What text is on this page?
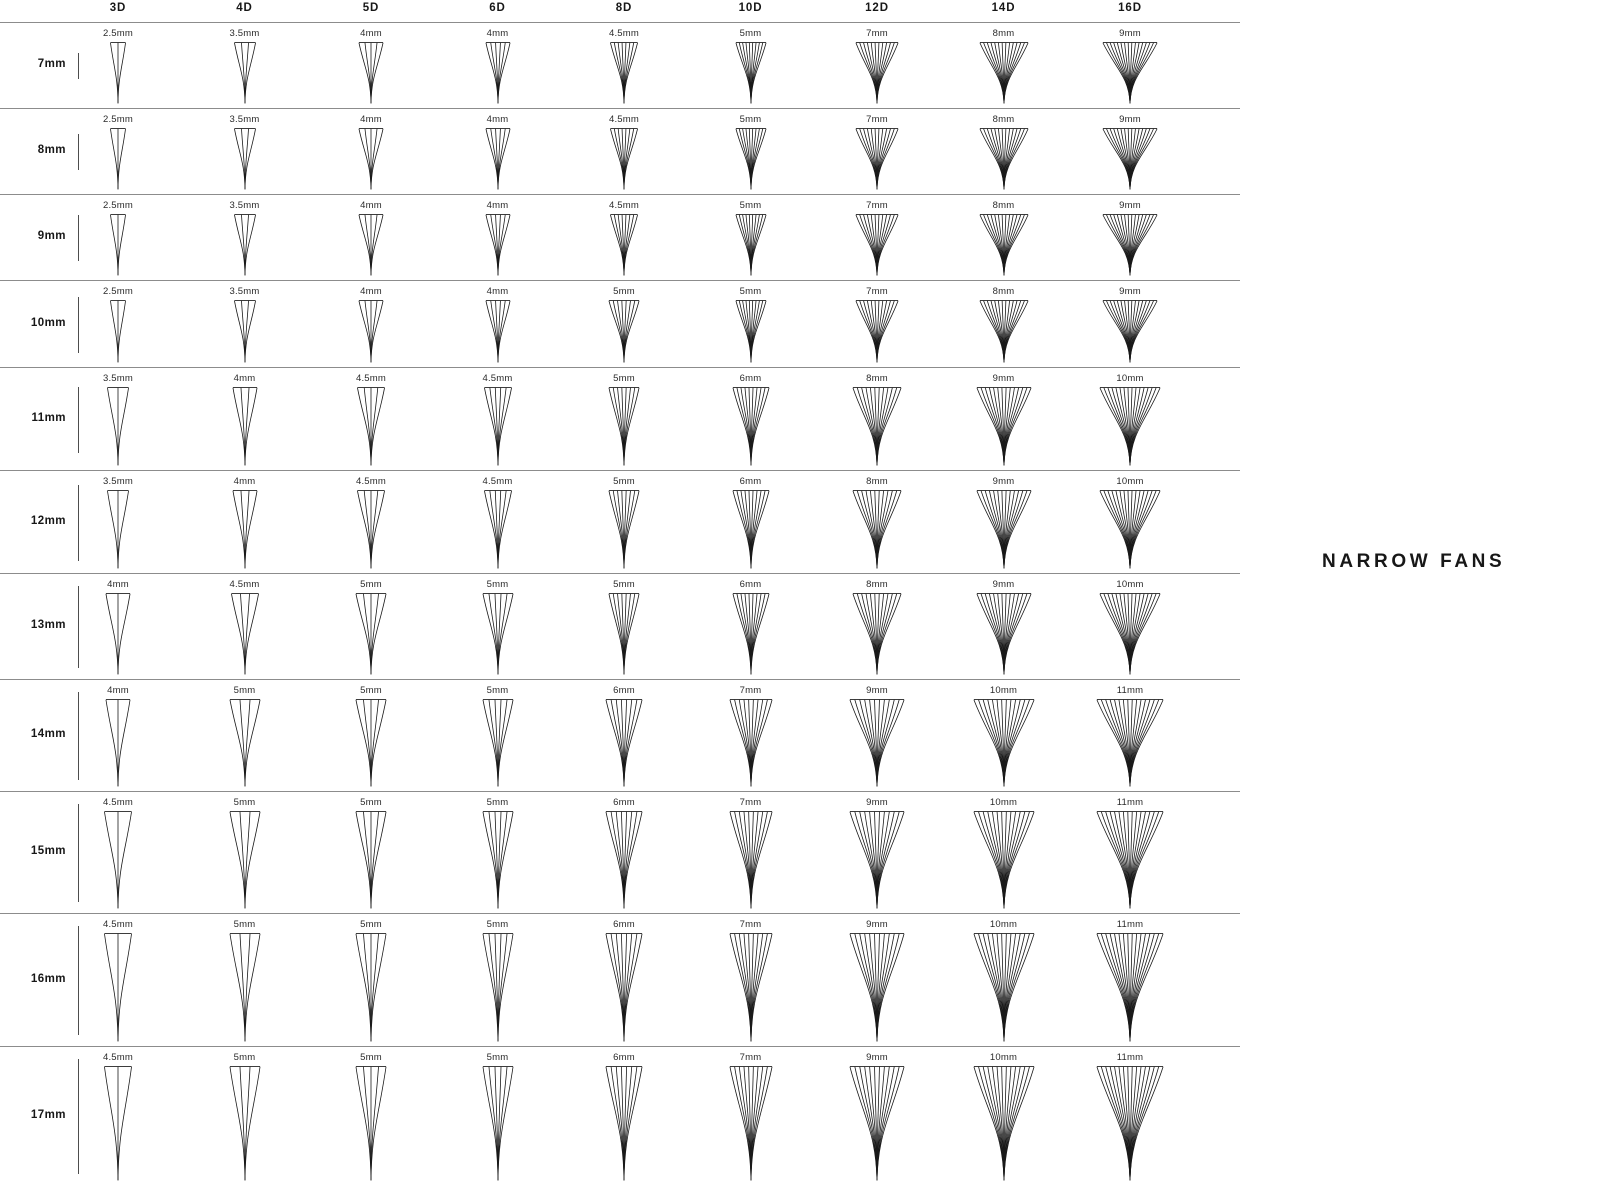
3D	4D	5D	6D	8D	10D	12D	14D	16D
7mm
2.5mm	3.5mm	4mm	4mm	4.5mm	5mm	7mm	8mm	9mm
8mm
2.5mm	3.5mm	4mm	4mm	4.5mm	5mm	7mm	8mm	9mm
9mm
2.5mm	3.5mm	4mm	4mm	4.5mm	5mm	7mm	8mm	9mm
10mm
2.5mm	3.5mm	4mm	4mm	5mm	5mm	7mm	8mm	9mm
11mm
3.5mm	4mm	4.5mm	4.5mm	5mm	6mm	8mm	9mm	10mm
12mm
3.5mm	4mm	4.5mm	4.5mm	5mm	6mm	8mm	9mm	10mm
13mm
4mm	4.5mm	5mm	5mm	5mm	6mm	8mm	9mm	10mm
14mm
4mm	5mm	5mm	5mm	6mm	7mm	9mm	10mm	11mm
15mm
4.5mm	5mm	5mm	5mm	6mm	7mm	9mm	10mm	11mm
16mm
4.5mm	5mm	5mm	5mm	6mm	7mm	9mm	10mm	11mm
17mm
4.5mm	5mm	5mm	5mm	6mm	7mm	9mm	10mm	11mm
NARROW FANS
